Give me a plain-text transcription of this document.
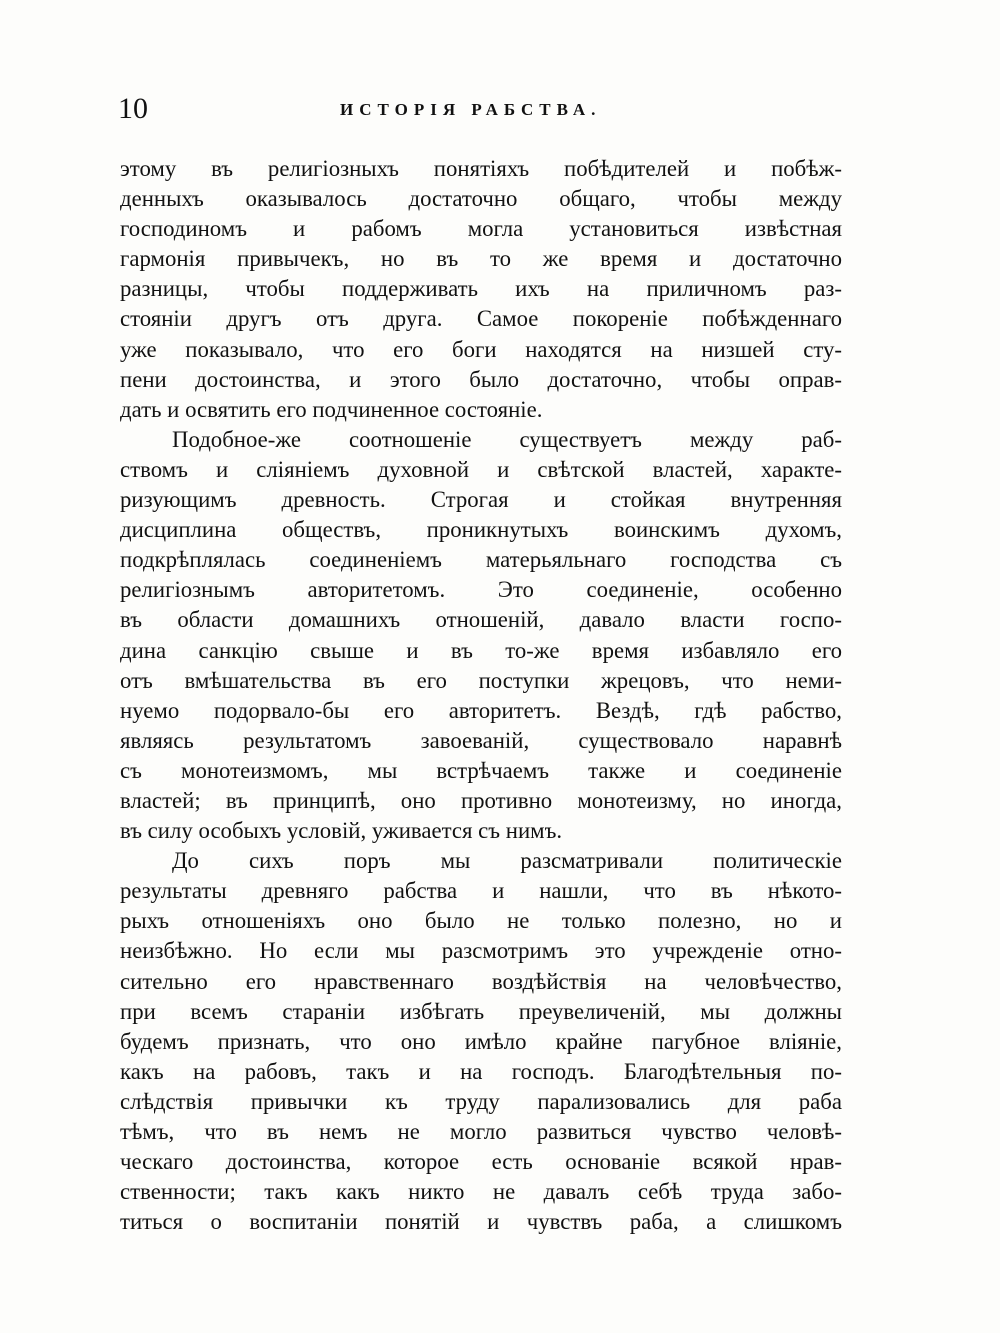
10	ИСТОРІЯ РАБСТВА.
этому въ религіозныхъ понятіяхъ побѣдителей и побѣж-
денныхъ оказывалось достаточно общаго, чтобы между
господиномъ и рабомъ могла установиться извѣстная
гармонія привычекъ, но въ то же время и достаточно
разницы, чтобы поддерживать ихъ на приличномъ раз-
стояніи другъ отъ друга. Самое покореніе побѣжденнаго
уже показывало, что его боги находятся на низшей сту-
пени достоинства, и этого было достаточно, чтобы оправ-
дать и освятить его подчиненное состояніе.
Подобное-же соотношеніе существуетъ между раб-
ствомъ и сліяніемъ духовной и свѣтской властей, характе-
ризующимъ древность. Строгая и стойкая внутренняя
дисциплина обществъ, проникнутыхъ воинскимъ духомъ,
подкрѣплялась соединеніемъ матерьяльнаго господства съ
религіознымъ авторитетомъ. Это соединеніе, особенно
въ области домашнихъ отношеній, давало власти госпо-
дина санкцію свыше и въ то-же время избавляло его
отъ вмѣшательства въ его поступки жрецовъ, что неми-
нуемо подорвало-бы его авторитетъ. Вездѣ, гдѣ рабство,
являясь результатомъ завоеваній, существовало наравнѣ
съ монотеизмомъ, мы встрѣчаемъ также и соединеніе
властей; въ принципѣ, оно противно монотеизму, но иногда,
въ силу особыхъ условій, уживается съ нимъ.
До сихъ поръ мы разсматривали политическіе
результаты древняго рабства и нашли, что въ нѣкото-
рыхъ отношеніяхъ оно было не только полезно, но и
неизбѣжно. Но если мы разсмотримъ это учрежденіе отно-
сительно его нравственнаго воздѣйствія на человѣчество,
при всемъ стараніи избѣгать преувеличеній, мы должны
будемъ признать, что оно имѣло крайне пагубное вліяніе,
какъ на рабовъ, такъ и на господъ. Благодѣтельныя по-
слѣдствія привычки къ труду парализовались для раба
тѣмъ, что въ немъ не могло развиться чувство человѣ-
ческаго достоинства, которое есть основаніе всякой нрав-
ственности; такъ какъ никто не давалъ себѣ труда забо-
титься о воспитаніи понятій и чувствъ раба, а слишкомъ
